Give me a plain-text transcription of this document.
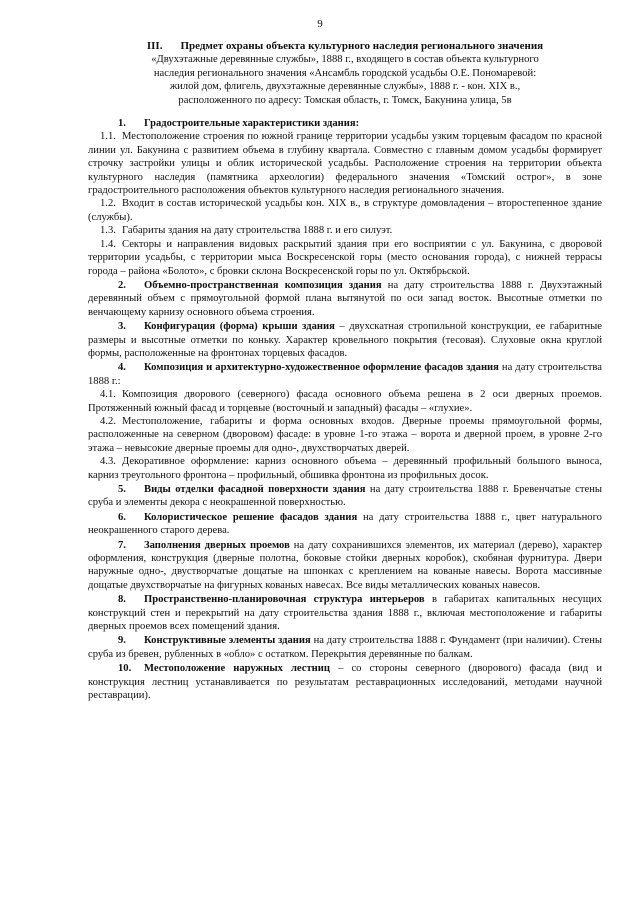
9
III. Предмет охраны объекта культурного наследия регионального значения
«Двухэтажные деревянные службы», 1888 г., входящего в состав объекта культурного
наследия регионального значения «Ансамбль городской усадьбы О.Е. Пономаревой:
жилой дом, флигель, двухэтажные деревянные службы», 1888 г. - кон. XIX в.,
расположенного по адресу: Томская область, г. Томск, Бакунина улица, 5в

1. Градостроительные характеристики здания:

1.1. Местоположение строения по южной границе территории усадьбы узким торцевым фасадом по красной линии ул. Бакунина с развитием объема в глубину квартала. Совместно с главным домом усадьбы формирует строчку застройки улицы и облик исторической усадьбы. Расположение строения на территории объекта культурного наследия (памятника археологии) федерального значения «Томский острог», в зоне градостроительного расположения объектов культурного наследия регионального значения.

1.2. Входит в состав исторической усадьбы кон. XIX в., в структуре домовладения – второстепенное здание (службы).

1.3. Габариты здания на дату строительства 1888 г. и его силуэт.

1.4. Секторы и направления видовых раскрытий здания при его восприятии с ул. Бакунина, с дворовой территории усадьбы, с территории мыса Воскресенской горы (место основания города), с нижней террасы города – района «Болото», с бровки склона Воскресенской горы по ул. Октябрьской.

2. Объемно-пространственная композиция здания на дату строительства 1888 г. Двухэтажный деревянный объем с прямоугольной формой плана вытянутой по оси запад восток. Высотные отметки по венчающему карнизу основного объема строения.

3. Конфигурация (форма) крыши здания – двухскатная стропильной конструкции, ее габаритные размеры и высотные отметки по коньку. Характер кровельного покрытия (тесовая). Слуховые окна круглой формы, расположенные на фронтонах торцевых фасадов.

4. Композиция и архитектурно-художественное оформление фасадов здания на дату строительства 1888 г.:

4.1. Композиция дворового (северного) фасада основного объема решена в 2 оси дверных проемов. Протяженный южный фасад и торцевые (восточный и западный) фасады – «глухие».

4.2. Местоположение, габариты и форма основных входов. Дверные проемы прямоугольной формы, расположенные на северном (дворовом) фасаде: в уровне 1-го этажа – ворота и дверной проем, в уровне 2-го этажа – невысокие дверные проемы для одно-, двухстворчатых дверей.

4.3. Декоративное оформление: карниз основного объема – деревянный профильный большого выноса, карниз треугольного фронтона – профильный, обшивка фронтона из профильных досок.

5. Виды отделки фасадной поверхности здания на дату строительства 1888 г. Бревенчатые стены сруба и элементы декора с неокрашенной поверхностью.

6. Колористическое решение фасадов здания на дату строительства 1888 г., цвет натурального неокрашенного старого дерева.

7. Заполнения дверных проемов на дату сохранившихся элементов, их материал (дерево), характер оформления, конструкция (дверные полотна, боковые стойки дверных коробок), скобяная фурнитура. Двери наружные одно-, двустворчатые дощатые на шпонках с креплением на кованые навесы. Ворота массивные дощатые двухстворчатые на фигурных кованых навесах. Все виды металлических кованых навесов.

8. Пространственно-планировочная структура интерьеров в габаритах капитальных несущих конструкций стен и перекрытий на дату строительства здания 1888 г., включая местоположение и габариты дверных проемов всех помещений здания.

9. Конструктивные элементы здания на дату строительства 1888 г. Фундамент (при наличии). Стены сруба из бревен, рубленных в «обло» с остатком. Перекрытия деревянные по балкам.

10. Местоположение наружных лестниц – со стороны северного (дворового) фасада (вид и конструкция лестниц устанавливается по результатам реставрационных исследований, методами научной реставрации).
